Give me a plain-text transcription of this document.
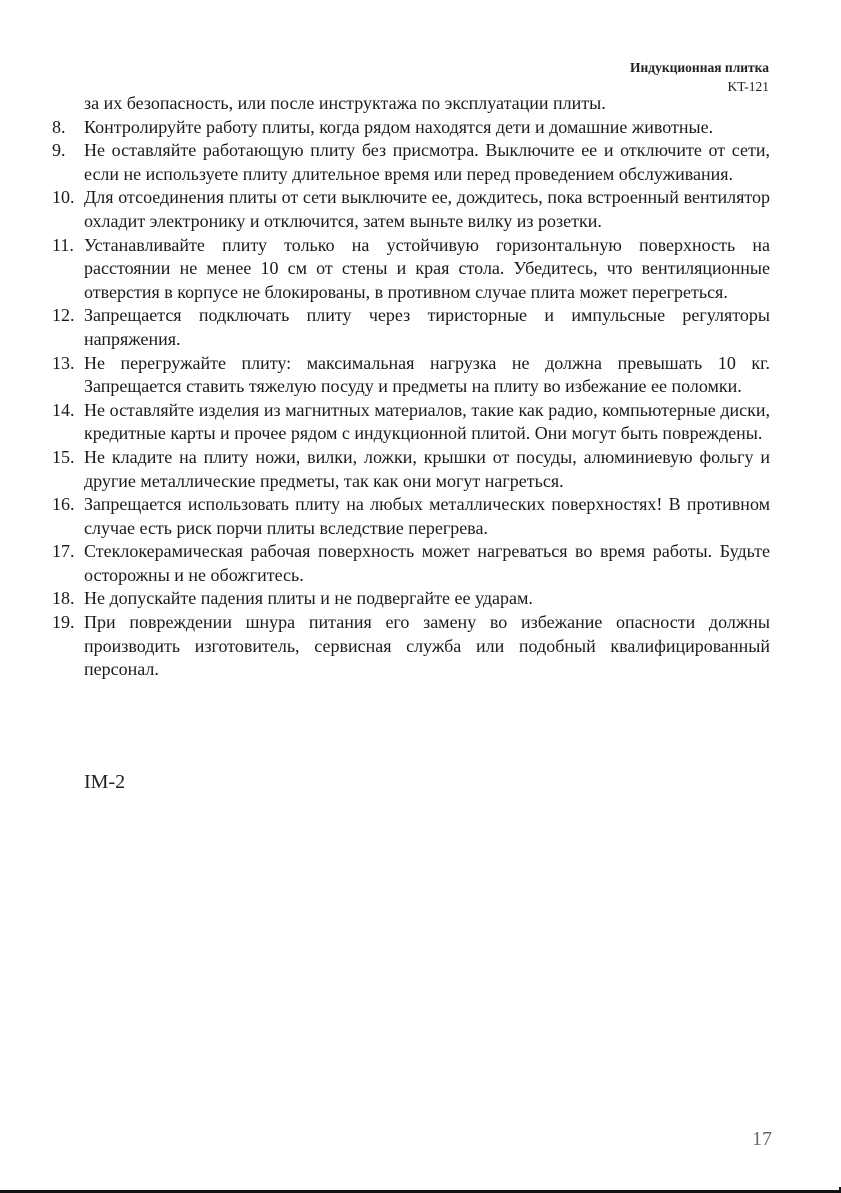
Индукционная плитка
KT-121
за их безопасность, или после инструктажа по эксплуатации плиты.
8.	Контролируйте работу плиты, когда рядом находятся дети и домашние животные.
9.	Не оставляйте работающую плиту без присмотра. Выключите ее и отключите от сети, если не используете плиту длительное время или перед проведением обслуживания.
10. Для отсоединения плиты от сети выключите ее, дождитесь, пока встроенный вентилятор охладит электронику и отключится, затем выньте вилку из розетки.
11. Устанавливайте плиту только на устойчивую горизонтальную поверхность на расстоянии не менее 10 см от стены и края стола. Убедитесь, что вентиляционные отверстия в корпусе не блокированы, в противном случае плита может перегреться.
12. Запрещается подключать плиту через тиристорные и импульсные регуляторы напряжения.
13. Не перегружайте плиту: максимальная нагрузка не должна превышать 10 кг. Запрещается ставить тяжелую посуду и предметы на плиту во избежание ее поломки.
14. Не оставляйте изделия из магнитных материалов, такие как радио, компьютерные диски, кредитные карты и прочее рядом с индукционной плитой. Они могут быть повреждены.
15. Не кладите на плиту ножи, вилки, ложки, крышки от посуды, алюминиевую фольгу и другие металлические предметы, так как они могут нагреться.
16. Запрещается использовать плиту на любых металлических поверхностях! В противном случае есть риск порчи плиты вследствие перегрева.
17. Стеклокерамическая рабочая поверхность может нагреваться во время работы. Будьте осторожны и не обожгитесь.
18. Не допускайте падения плиты и не подвергайте ее ударам.
19. При повреждении шнура питания его замену во избежание опасности должны производить изготовитель, сервисная служба или подобный квалифицированный персонал.
IM-2
17
